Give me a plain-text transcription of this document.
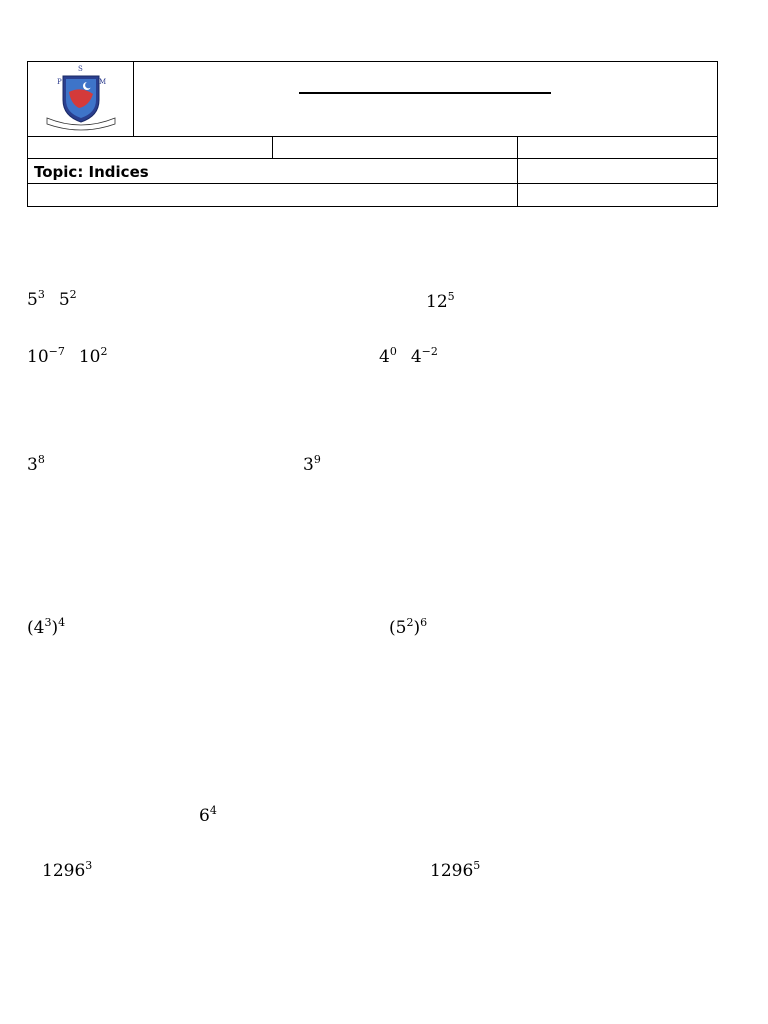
P
S
M			

Topic: Indices			

$5^3$ $5^2$	$12^5$
$10^{-7}$ $10^2$	$4^0$ $4^{-2}$
$3^8$	$3^9$
$(4^3)^4$	$(5^2)^6$
$6^4$
1296$^3$	1296$^5$
